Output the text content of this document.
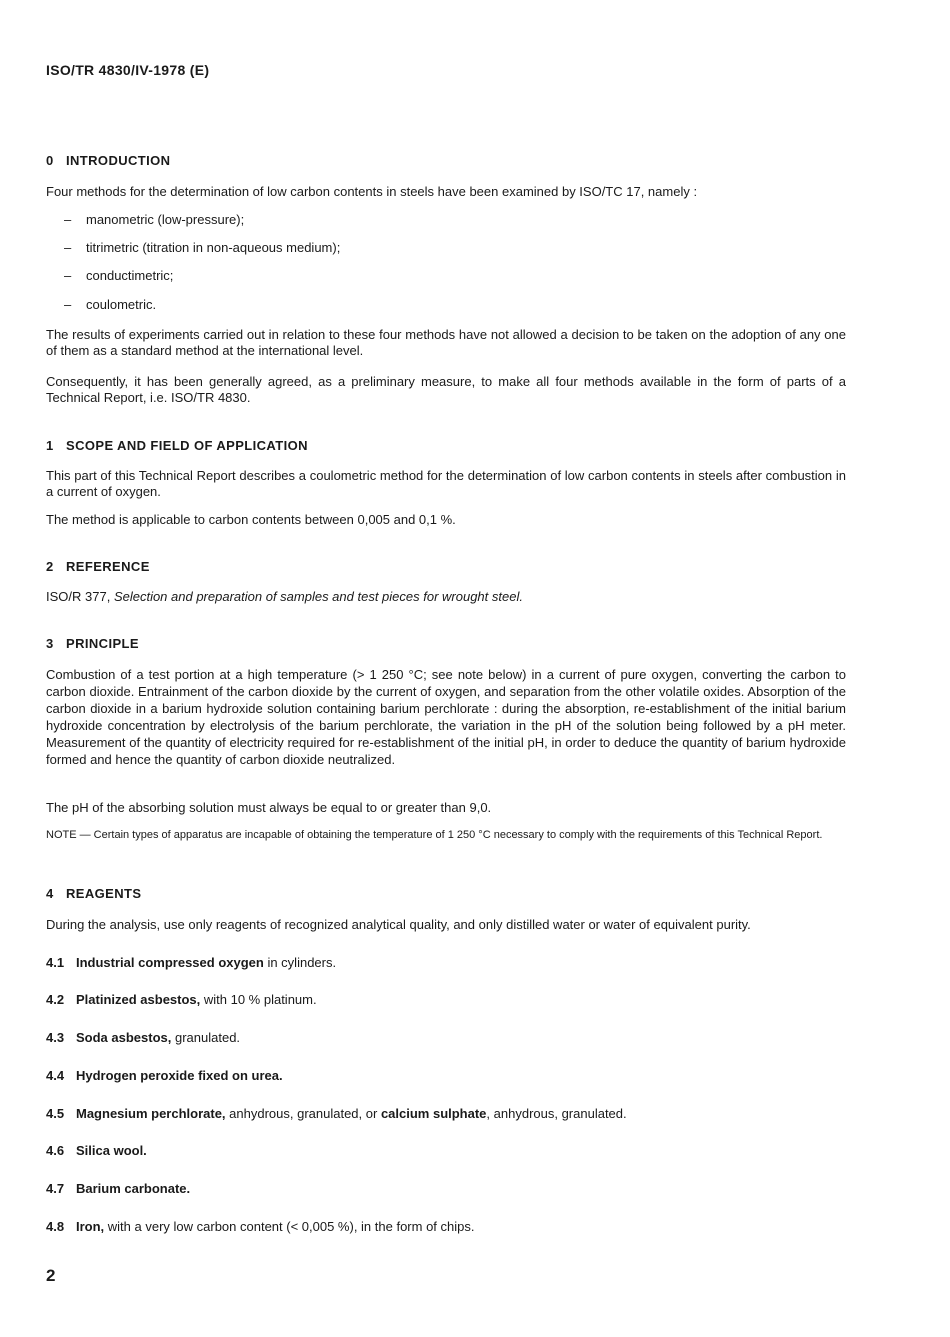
ISO/TR 4830/IV-1978 (E)
0 INTRODUCTION
Four methods for the determination of low carbon contents in steels have been examined by ISO/TC 17, namely :
– manometric (low-pressure);
– titrimetric (titration in non-aqueous medium);
– conductimetric;
– coulometric.
The results of experiments carried out in relation to these four methods have not allowed a decision to be taken on the adoption of any one of them as a standard method at the international level.
Consequently, it has been generally agreed, as a preliminary measure, to make all four methods available in the form of parts of a Technical Report, i.e. ISO/TR 4830.
1 SCOPE AND FIELD OF APPLICATION
This part of this Technical Report describes a coulometric method for the determination of low carbon contents in steels after combustion in a current of oxygen.
The method is applicable to carbon contents between 0,005 and 0,1 %.
2 REFERENCE
ISO/R 377, Selection and preparation of samples and test pieces for wrought steel.
3 PRINCIPLE
Combustion of a test portion at a high temperature (> 1 250 °C; see note below) in a current of pure oxygen, converting the carbon to carbon dioxide. Entrainment of the carbon dioxide by the current of oxygen, and separation from the other volatile oxides. Absorption of the carbon dioxide in a barium hydroxide solution containing barium perchlorate : during the absorption, re-establishment of the initial barium hydroxide concentration by electrolysis of the barium perchlorate, the variation in the pH of the solution being followed by a pH meter. Measurement of the quantity of electricity required for re-establishment of the initial pH, in order to deduce the quantity of barium hydroxide formed and hence the quantity of carbon dioxide neutralized.
The pH of the absorbing solution must always be equal to or greater than 9,0.
NOTE — Certain types of apparatus are incapable of obtaining the temperature of 1 250 °C necessary to comply with the requirements of this Technical Report.
4 REAGENTS
During the analysis, use only reagents of recognized analytical quality, and only distilled water or water of equivalent purity.
4.1 Industrial compressed oxygen in cylinders.
4.2 Platinized asbestos, with 10 % platinum.
4.3 Soda asbestos, granulated.
4.4 Hydrogen peroxide fixed on urea.
4.5 Magnesium perchlorate, anhydrous, granulated, or calcium sulphate, anhydrous, granulated.
4.6 Silica wool.
4.7 Barium carbonate.
4.8 Iron, with a very low carbon content (< 0,005 %), in the form of chips.
2
